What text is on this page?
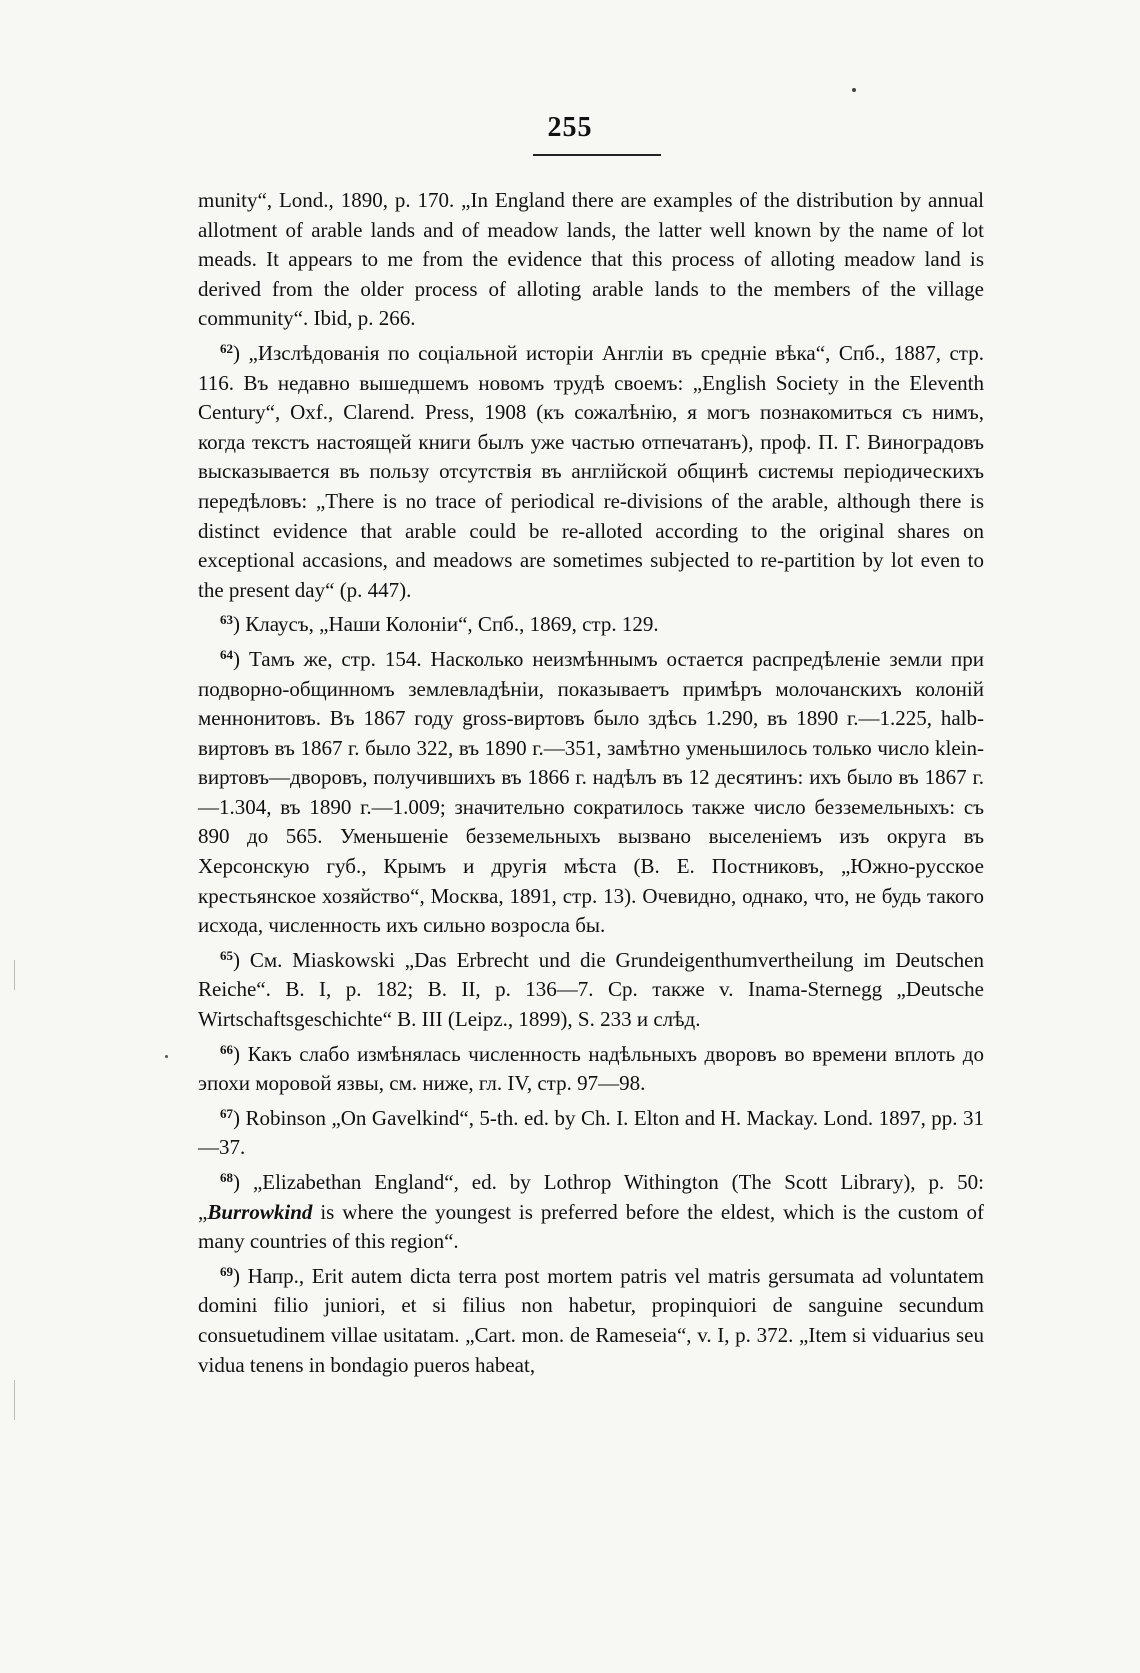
255

munity“, Lond., 1890, p. 170. „In England there are examples of the distribution by annual allotment of arable lands and of meadow lands, the latter well known by the name of lot meads. It appears to me from the evidence that this process of alloting meadow land is derived from the older process of alloting arable lands to the members of the village community“. Ibid, p. 266.

$^{62}$) „Изслѣдованія по соціальной исторіи Англіи въ средніе вѣка“, Спб., 1887, стр. 116. Въ недавно вышедшемъ новомъ трудѣ своемъ: „English Society in the Eleventh Century“, Oxf., Clarend. Press, 1908 (къ сожалѣнію, я могъ познакомиться съ нимъ, когда текстъ настоящей книги былъ уже частью отпечатанъ), проф. П. Г. Виноградовъ высказывается въ пользу отсутствія въ англійской общинѣ системы періодическихъ передѣловъ: „There is no trace of periodical re-divisions of the arable, although there is distinct evidence that arable could be re-alloted according to the original shares on exceptional accasions, and meadows are sometimes subjected to re-partition by lot even to the present day“ (p. 447).

$^{63}$) Клаусъ, „Наши Колоніи“, Спб., 1869, стр. 129.

$^{64}$) Тамъ же, стр. 154. Насколько неизмѣннымъ остается распредѣленіе земли при подворно-общинномъ землевладѣніи, показываетъ примѣръ молочанскихъ колоній меннонитовъ. Въ 1867 году gross-виртовъ было здѣсь 1.290, въ 1890 г.—1.225, halb-виртовъ въ 1867 г. было 322, въ 1890 г.—351, замѣтно уменьшилось только число klein-виртовъ—дворовъ, получившихъ въ 1866 г. надѣлъ въ 12 десятинъ: ихъ было въ 1867 г.—1.304, въ 1890 г.—1.009; значительно сократилось также число безземельныхъ: съ 890 до 565. Уменьшеніе безземельныхъ вызвано выселеніемъ изъ округа въ Херсонскую губ., Крымъ и другія мѣста (В. Е. Постниковъ, „Южно-русское крестьянское хозяйство“, Москва, 1891, стр. 13). Очевидно, однако, что, не будь такого исхода, численность ихъ сильно возросла бы.

$^{65}$) См. Miaskowski „Das Erbrecht und die Grundeigenthumvertheilung im Deutschen Reiche“. B. I, p. 182; B. II, p. 136—7. Ср. также v. Inama-Sternegg „Deutsche Wirtschaftsgeschichte“ B. III (Leipz., 1899), S. 233 и слѣд.

$^{66}$) Какъ слабо измѣнялась численность надѣльныхъ дворовъ во времени вплоть до эпохи моровой язвы, см. ниже, гл. IV, стр. 97—98.

$^{67}$) Robinson „On Gavelkind“, 5-th. ed. by Ch. I. Elton and H. Mackay. Lond. 1897, pp. 31—37.

$^{68}$) „Elizabethan England“, ed. by Lothrop Withington (The Scott Library), p. 50: „Burrowkind is where the youngest is preferred before the eldest, which is the custom of many countries of this region“.

$^{69}$) Напр., Erit autem dicta terra post mortem patris vel matris gersumata ad voluntatem domini filio juniori, et si filius non habetur, propinquiori de sanguine secundum consuetudinem villae usitatam. „Cart. mon. de Rameseia“, v. I, p. 372. „Item si viduarius seu vidua tenens in bondagio pueros habeat,
